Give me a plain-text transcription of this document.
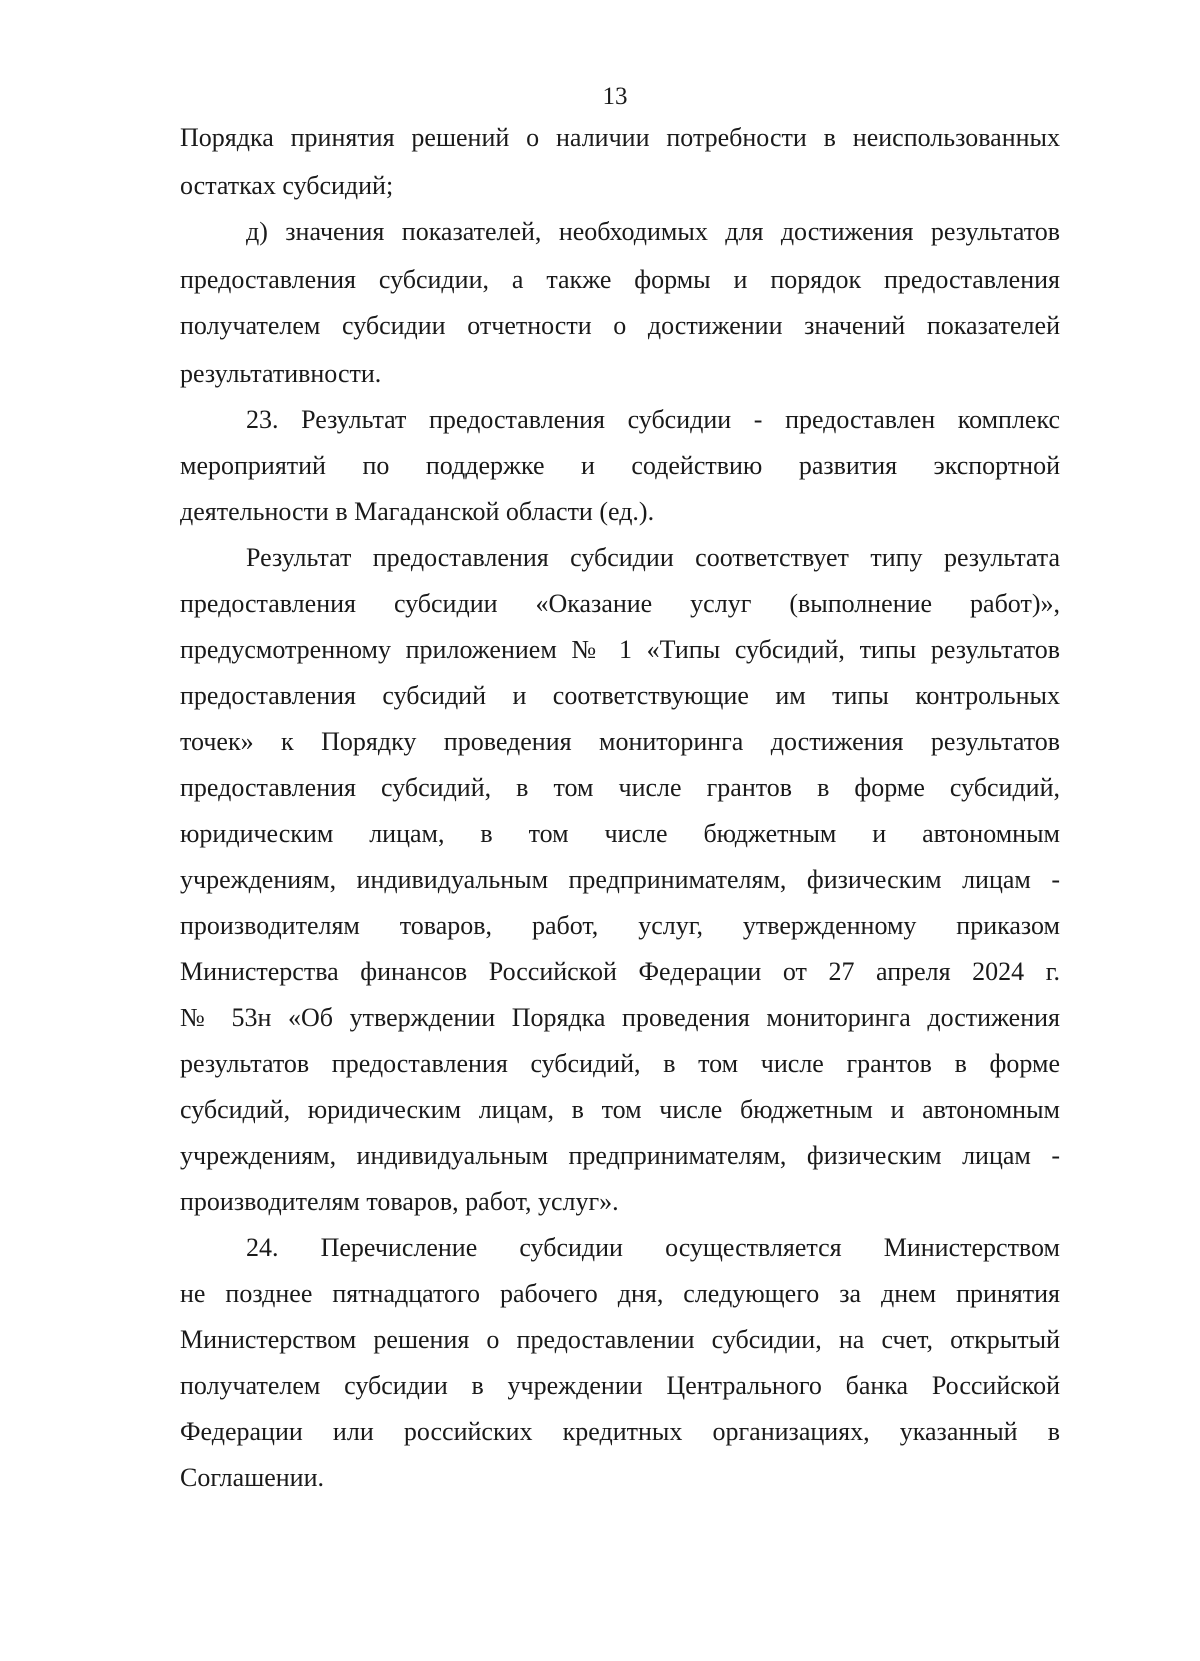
13
Порядка принятия решений о наличии потребности в неиспользованных
остатках субсидий;
д) значения показателей, необходимых для достижения результатов
предоставления субсидии, а также формы и порядок предоставления
получателем субсидии отчетности о достижении значений показателей
результативности.
23. Результат предоставления субсидии - предоставлен комплекс
мероприятий по поддержке и содействию развития экспортной
деятельности в Магаданской области (ед.).
Результат предоставления субсидии соответствует типу результата
предоставления субсидии «Оказание услуг (выполнение работ)»,
предусмотренному приложением № 1 «Типы субсидий, типы результатов
предоставления субсидий и соответствующие им типы контрольных
точек» к Порядку проведения мониторинга достижения результатов
предоставления субсидий, в том числе грантов в форме субсидий,
юридическим лицам, в том числе бюджетным и автономным
учреждениям, индивидуальным предпринимателям, физическим лицам -
производителям товаров, работ, услуг, утвержденному приказом
Министерства финансов Российской Федерации от 27 апреля 2024 г.
№ 53н «Об утверждении Порядка проведения мониторинга достижения
результатов предоставления субсидий, в том числе грантов в форме
субсидий, юридическим лицам, в том числе бюджетным и автономным
учреждениям, индивидуальным предпринимателям, физическим лицам -
производителям товаров, работ, услуг».
24. Перечисление субсидии осуществляется Министерством
не позднее пятнадцатого рабочего дня, следующего за днем принятия
Министерством решения о предоставлении субсидии, на счет, открытый
получателем субсидии в учреждении Центрального банка Российской
Федерации или российских кредитных организациях, указанный в
Соглашении.
